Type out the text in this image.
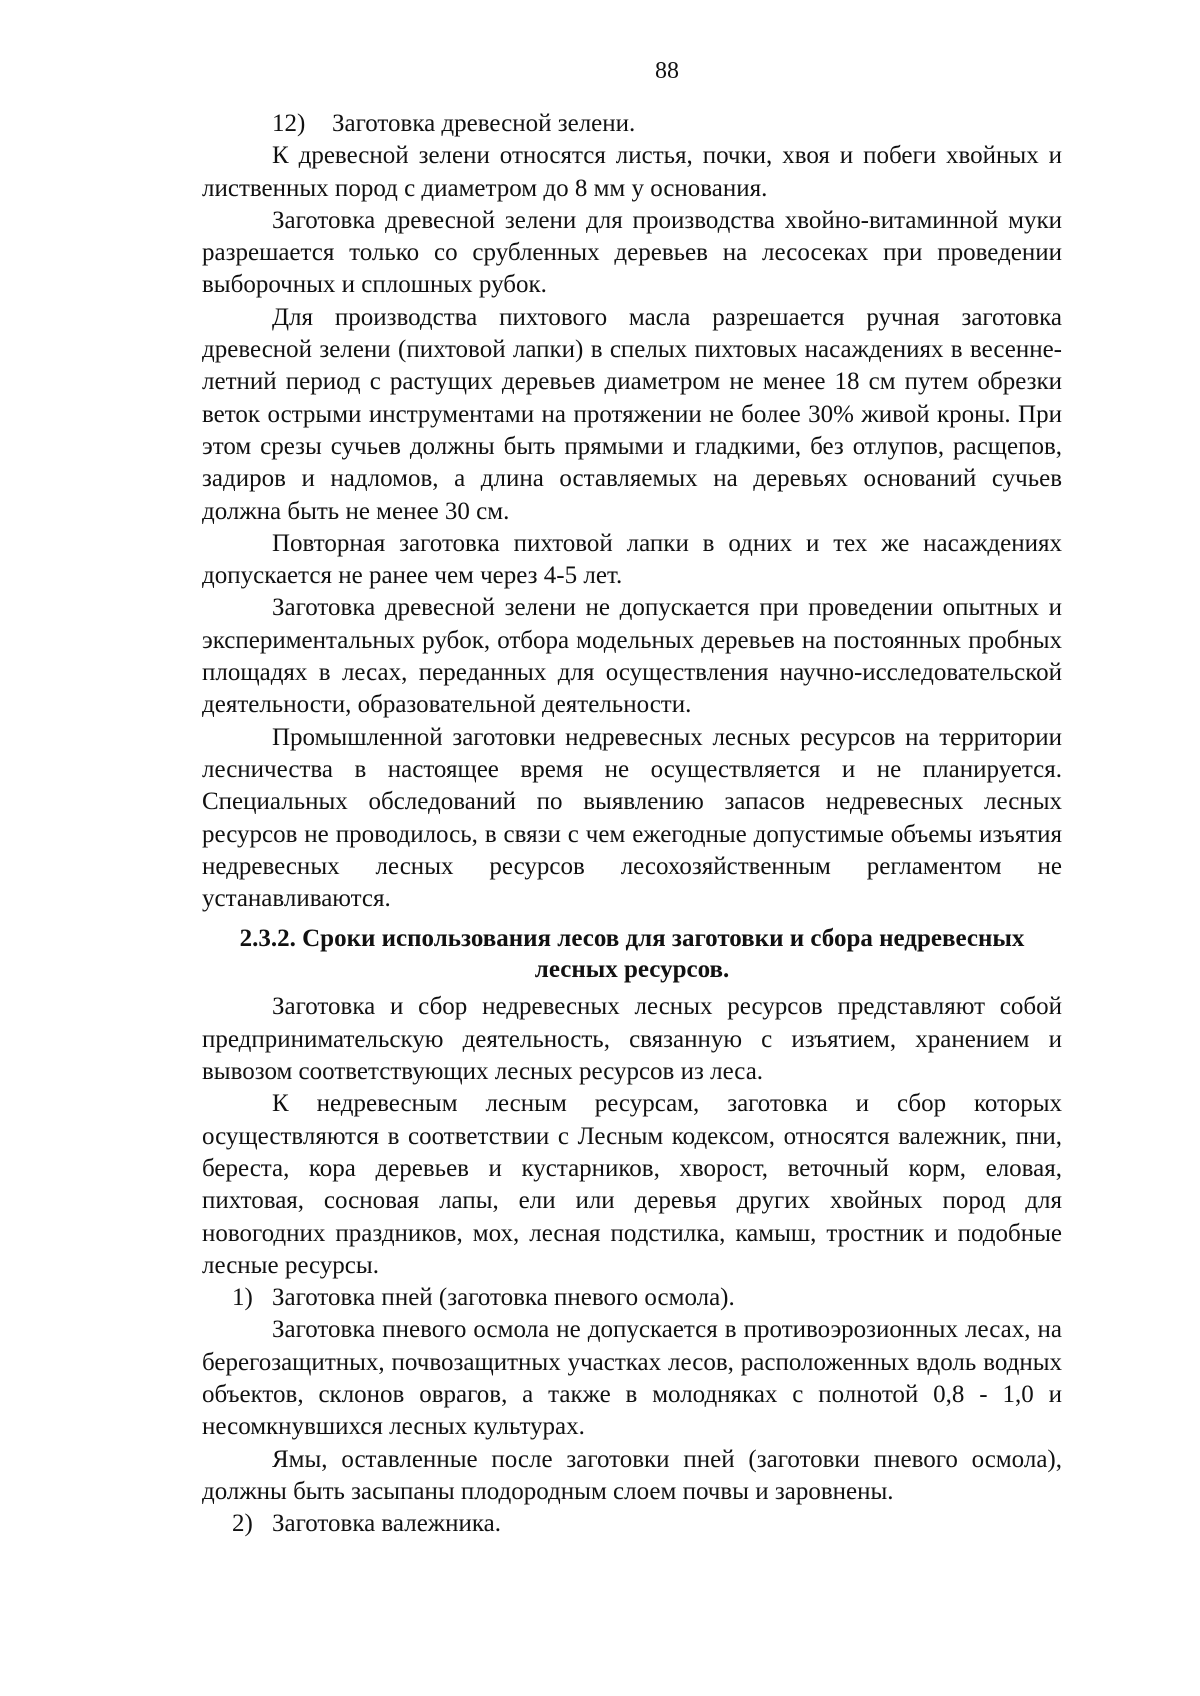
88
12) Заготовка древесной зелени.

К древесной зелени относятся листья, почки, хвоя и побеги хвойных и лиственных пород с диаметром до 8 мм у основания.

Заготовка древесной зелени для производства хвойно-витаминной муки разрешается только со срубленных деревьев на лесосеках при проведении выборочных и сплошных рубок.

Для производства пихтового масла разрешается ручная заготовка древесной зелени (пихтовой лапки) в спелых пихтовых насаждениях в весенне-летний период с растущих деревьев диаметром не менее 18 см путем обрезки веток острыми инструментами на протяжении не более 30% живой кроны. При этом срезы сучьев должны быть прямыми и гладкими, без отлупов, расщепов, задиров и надломов, а длина оставляемых на деревьях оснований сучьев должна быть не менее 30 см.

Повторная заготовка пихтовой лапки в одних и тех же насаждениях допускается не ранее чем через 4-5 лет.

Заготовка древесной зелени не допускается при проведении опытных и экспериментальных рубок, отбора модельных деревьев на постоянных пробных площадях в лесах, переданных для осуществления научно-исследовательской деятельности, образовательной деятельности.

Промышленной заготовки недревесных лесных ресурсов на территории лесничества в настоящее время не осуществляется и не планируется. Специальных обследований по выявлению запасов недревесных лесных ресурсов не проводилось, в связи с чем ежегодные допустимые объемы изъятия недревесных лесных ресурсов лесохозяйственным регламентом не устанавливаются.

2.3.2. Сроки использования лесов для заготовки и сбора недревесных лесных ресурсов.

Заготовка и сбор недревесных лесных ресурсов представляют собой предпринимательскую деятельность, связанную с изъятием, хранением и вывозом соответствующих лесных ресурсов из леса.

К недревесным лесным ресурсам, заготовка и сбор которых осуществляются в соответствии с Лесным кодексом, относятся валежник, пни, береста, кора деревьев и кустарников, хворост, веточный корм, еловая, пихтовая, сосновая лапы, ели или деревья других хвойных пород для новогодних праздников, мох, лесная подстилка, камыш, тростник и подобные лесные ресурсы.

1) Заготовка пней (заготовка пневого осмола).

Заготовка пневого осмола не допускается в противоэрозионных лесах, на берегозащитных, почвозащитных участках лесов, расположенных вдоль водных объектов, склонов оврагов, а также в молодняках с полнотой 0,8 - 1,0 и несомкнувшихся лесных культурах.

Ямы, оставленные после заготовки пней (заготовки пневого осмола), должны быть засыпаны плодородным слоем почвы и заровнены.

2) Заготовка валежника.
